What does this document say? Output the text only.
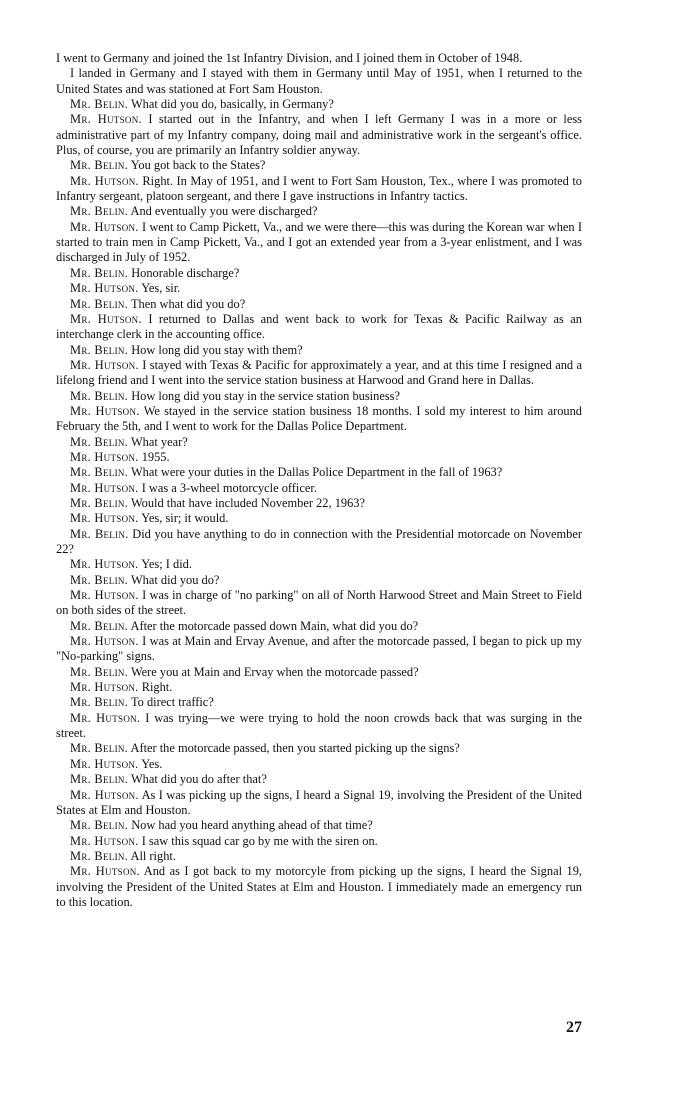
I went to Germany and joined the 1st Infantry Division, and I joined them in October of 1948.

I landed in Germany and I stayed with them in Germany until May of 1951, when I returned to the United States and was stationed at Fort Sam Houston.

Mr. Belin. What did you do, basically, in Germany?

Mr. Hutson. I started out in the Infantry, and when I left Germany I was in a more or less administrative part of my Infantry company, doing mail and administrative work in the sergeant's office. Plus, of course, you are primarily an Infantry soldier anyway.

Mr. Belin. You got back to the States?

Mr. Hutson. Right. In May of 1951, and I went to Fort Sam Houston, Tex., where I was promoted to Infantry sergeant, platoon sergeant, and there I gave instructions in Infantry tactics.

Mr. Belin. And eventually you were discharged?

Mr. Hutson. I went to Camp Pickett, Va., and we were there—this was during the Korean war when I started to train men in Camp Pickett, Va., and I got an extended year from a 3-year enlistment, and I was discharged in July of 1952.

Mr. Belin. Honorable discharge?

Mr. Hutson. Yes, sir.

Mr. Belin. Then what did you do?

Mr. Hutson. I returned to Dallas and went back to work for Texas & Pacific Railway as an interchange clerk in the accounting office.

Mr. Belin. How long did you stay with them?

Mr. Hutson. I stayed with Texas & Pacific for approximately a year, and at this time I resigned and a lifelong friend and I went into the service station business at Harwood and Grand here in Dallas.

Mr. Belin. How long did you stay in the service station business?

Mr. Hutson. We stayed in the service station business 18 months. I sold my interest to him around February the 5th, and I went to work for the Dallas Police Department.

Mr. Belin. What year?

Mr. Hutson. 1955.

Mr. Belin. What were your duties in the Dallas Police Department in the fall of 1963?

Mr. Hutson. I was a 3-wheel motorcycle officer.

Mr. Belin. Would that have included November 22, 1963?

Mr. Hutson. Yes, sir; it would.

Mr. Belin. Did you have anything to do in connection with the Presidential motorcade on November 22?

Mr. Hutson. Yes; I did.

Mr. Belin. What did you do?

Mr. Hutson. I was in charge of "no parking" on all of North Harwood Street and Main Street to Field on both sides of the street.

Mr. Belin. After the motorcade passed down Main, what did you do?

Mr. Hutson. I was at Main and Ervay Avenue, and after the motorcade passed, I began to pick up my "No-parking" signs.

Mr. Belin. Were you at Main and Ervay when the motorcade passed?

Mr. Hutson. Right.

Mr. Belin. To direct traffic?

Mr. Hutson. I was trying—we were trying to hold the noon crowds back that was surging in the street.

Mr. Belin. After the motorcade passed, then you started picking up the signs?

Mr. Hutson. Yes.

Mr. Belin. What did you do after that?

Mr. Hutson. As I was picking up the signs, I heard a Signal 19, involving the President of the United States at Elm and Houston.

Mr. Belin. Now had you heard anything ahead of that time?

Mr. Hutson. I saw this squad car go by me with the siren on.

Mr. Belin. All right.

Mr. Hutson. And as I got back to my motorcyle from picking up the signs, I heard the Signal 19, involving the President of the United States at Elm and Houston. I immediately made an emergency run to this location.

27
